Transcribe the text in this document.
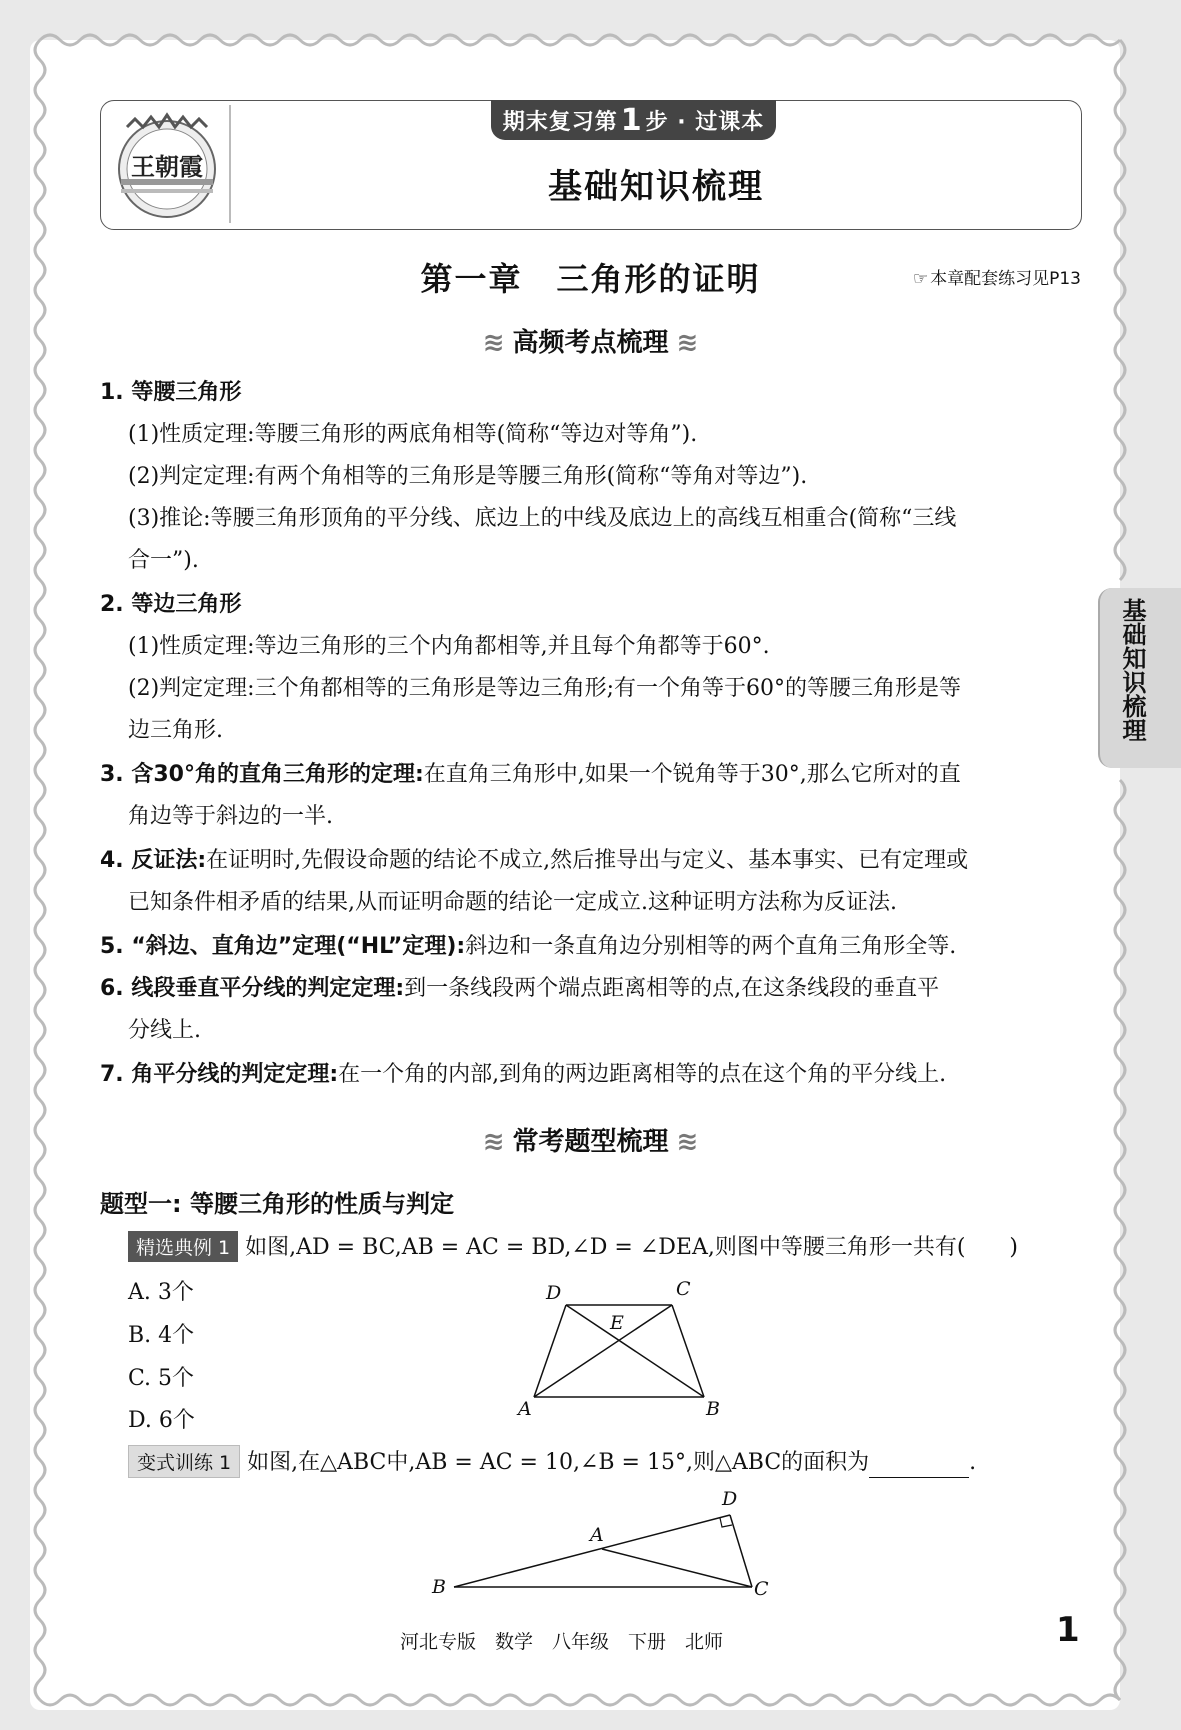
王朝霞
期末复习第 1 步 · 过课本
基础知识梳理
第一章　三角形的证明	☞ 本章配套练习见P13
≋ 高频考点梳理 ≋
基础知识梳理
1. 等腰三角形
(1)性质定理:等腰三角形的两底角相等(简称“等边对等角”).
(2)判定定理:有两个角相等的三角形是等腰三角形(简称“等角对等边”).
(3)推论:等腰三角形顶角的平分线、底边上的中线及底边上的高线互相重合(简称“三线
合一”).
2. 等边三角形
(1)性质定理:等边三角形的三个内角都相等,并且每个角都等于60°.
(2)判定定理:三个角都相等的三角形是等边三角形;有一个角等于60°的等腰三角形是等
边三角形.
3. 含30°角的直角三角形的定理:在直角三角形中,如果一个锐角等于30°,那么它所对的直
角边等于斜边的一半.
4. 反证法:在证明时,先假设命题的结论不成立,然后推导出与定义、基本事实、已有定理或
已知条件相矛盾的结果,从而证明命题的结论一定成立.这种证明方法称为反证法.
5. “斜边、直角边”定理(“HL”定理):斜边和一条直角边分别相等的两个直角三角形全等.
6. 线段垂直平分线的判定定理:到一条线段两个端点距离相等的点,在这条线段的垂直平
分线上.
7. 角平分线的判定定理:在一个角的内部,到角的两边距离相等的点在这个角的平分线上.
≋ 常考题型梳理 ≋
题型一: 等腰三角形的性质与判定
精选典例 1 如图,AD = BC,AB = AC = BD,∠D = ∠DEA,则图中等腰三角形一共有(　　)
A. 3个
B. 4个
C. 5个
D. 6个
D	C
E
A	B
变式训练 1 如图,在△ABC中,AB = AC = 10,∠B = 15°,则△ABC的面积为	.
D
A
B	C
河北专版　数学　八年级　下册　北师	1
